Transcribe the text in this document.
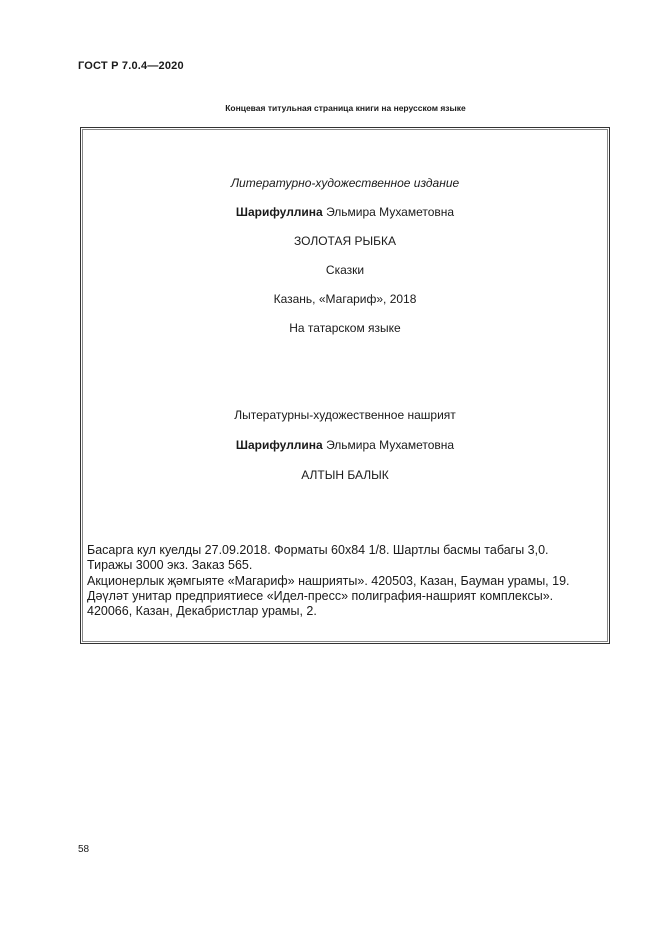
ГОСТ Р 7.0.4—2020
Концевая титульная страница книги на нерусском языке
Литературно-художественное издание
Шарифуллина Эльмира Мухаметовна
ЗОЛОТАЯ РЫБКА
Сказки
Казань, «Магариф», 2018
На татарском языке
Лытературны-художественное нашрият
Шарифуллина Эльмира Мухаметовна
АЛТЫН БАЛЫК
Басарга кул куелды 27.09.2018. Форматы 60х84 1/8. Шартлы басмы табагы 3,0.
Тиражы 3000 экз. Заказ 565.
Акционерлык җәмгыяте «Магариф» нашрияты». 420503, Казан, Бауман урамы, 19.
Дәүләт унитар предприятиесе «Идел-пресс» полиграфия-нашрият комплексы».
420066, Казан, Декабристлар урамы, 2.
58
